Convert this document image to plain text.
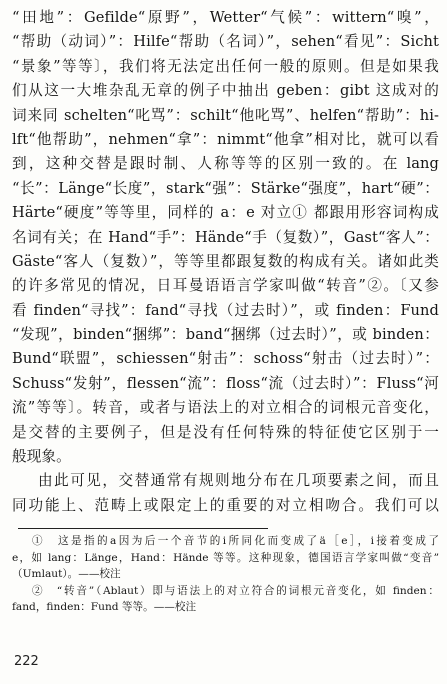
“田地”：Gefilde“原野”，Wetter“气候”：wittern“嗅”，
“帮助（动词）”：Hilfe“帮助（名词）”，sehen“看见”：Sicht
“景象”等等〕，我们将无法定出任何一般的原则。但是如果我
们从这一大堆杂乱无章的例子中抽出 geben：gibt 这成对的
词来同 schelten“叱骂”：schilt“他叱骂”、helfen“帮助”：hi-
lft“他帮助”，nehmen“拿”：nimmt“他拿”相对比，就可以看
到，这种交替是跟时制、人称等等的区别一致的。在 lang
“长”：Länge“长度”，stark“强”：Stärke“强度”，hart“硬”：
Härte“硬度”等等里，同样的 a：e 对立① 都跟用形容词构成
名词有关；在 Hand“手”：Hände“手（复数）”，Gast“客人”：
Gäste“客人（复数）”，等等里都跟复数的构成有关。诸如此类
的许多常见的情况，日耳曼语语言学家叫做“转音”②。〔又参
看 finden“寻找”：fand“寻找（过去时）”，或 finden：Fund
“发现”，binden“捆绑”：band“捆绑（过去时）”，或 binden：
Bund“联盟”，schiessen“射击”：schoss“射击（过去时）”：
Schuss“发射”，flessen“流”：floss“流（过去时）”：Fluss“河
流”等等〕。转音，或者与语法上的对立相合的词根元音变化，
是交替的主要例子，但是没有任何特殊的特征使它区别于一
般现象。
由此可见，交替通常有规则地分布在几项要素之间，而且
同功能上、范畴上或限定上的重要的对立相吻合。我们可以
①　这是指的a因为后一个音节的i所同化而变成了ä［e］，i接着变成了
e，如 lang：Länge，Hand：Hände 等等。这种现象，德国语言学家叫做“变音”
（Umlaut）。——校注
②　“转音”（Ablaut）即与语法上的对立符合的词根元音变化，如 finden：
fand，finden：Fund 等等。——校注
222
